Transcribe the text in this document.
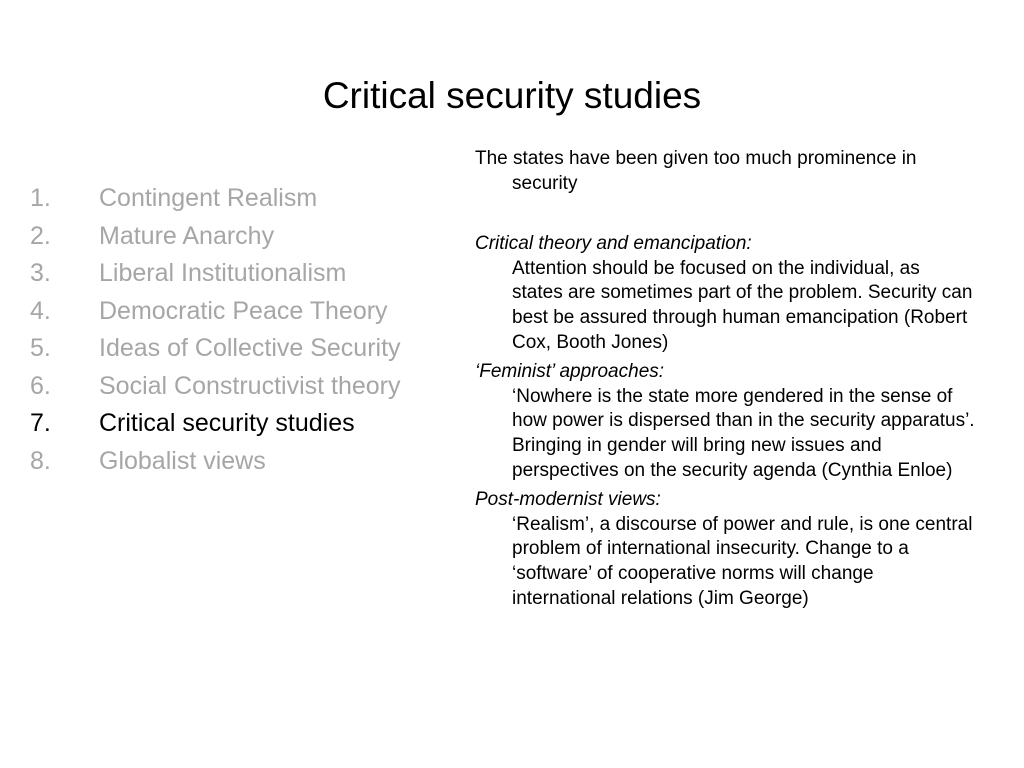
Critical security studies
1.	Contingent Realism
2.	Mature Anarchy
3.	Liberal Institutionalism
4.	Democratic Peace Theory
5.	Ideas of Collective Security
6.	Social Constructivist theory
7.	Critical security studies
8.	Globalist views

The states have been given too much prominence in security

Critical theory and emancipation:

Attention should be focused on the individual, as states are sometimes part of the problem. Security can best be assured through human emancipation (Robert Cox, Booth Jones)

‘Feminist’ approaches:

‘Nowhere is the state more gendered in the sense of how power is dispersed than in the security apparatus’. Bringing in gender will bring new issues and perspectives on the security agenda (Cynthia Enloe)

Post-modernist views:

‘Realism’, a discourse of power and rule, is one central problem of international insecurity. Change to a ‘software’ of cooperative norms will change international relations (Jim George)
